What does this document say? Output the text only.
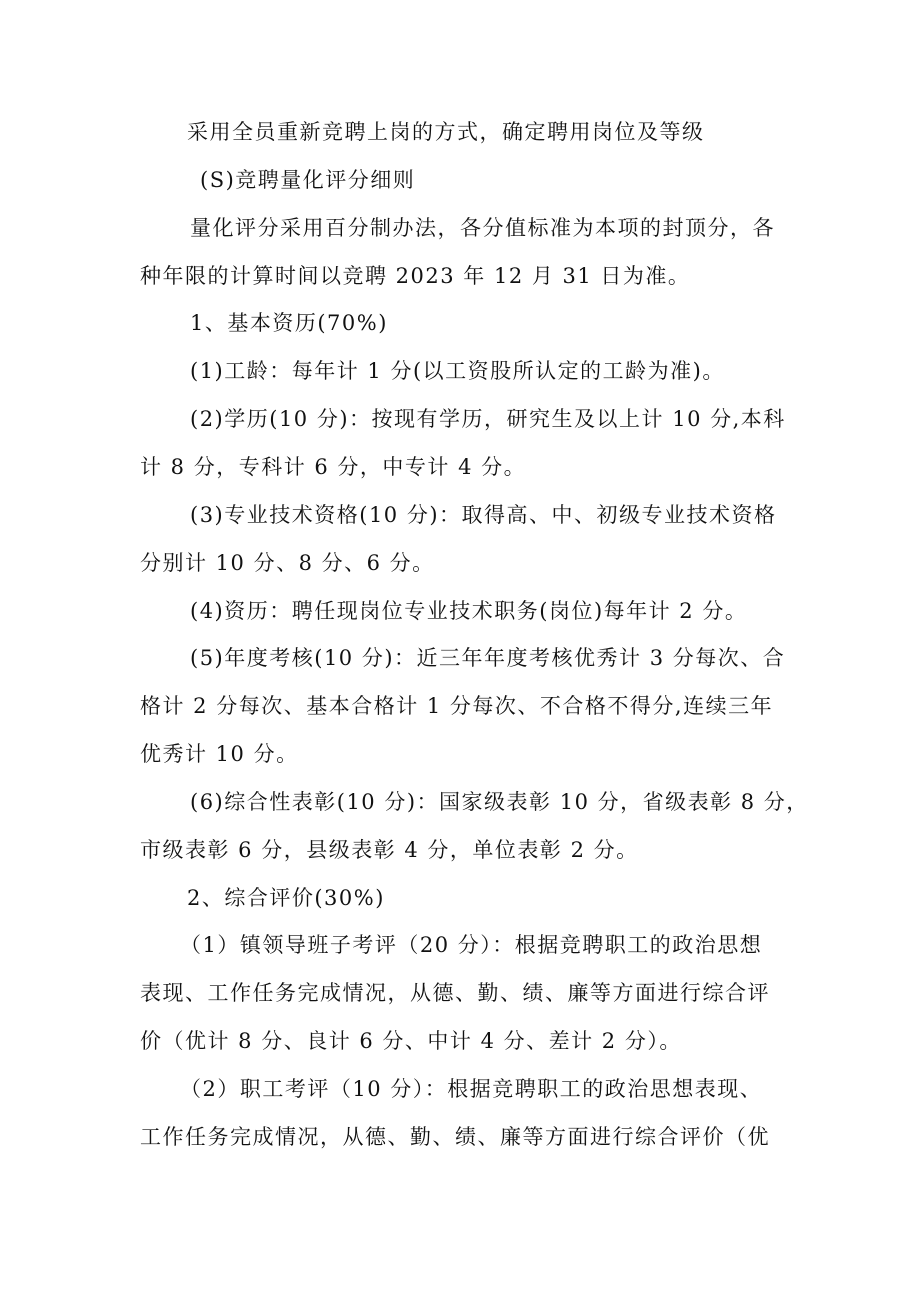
采用全员重新竞聘上岗的方式，确定聘用岗位及等级
(S)竞聘量化评分细则
量化评分采用百分制办法，各分值标准为本项的封顶分，各
种年限的计算时间以竞聘 2023 年 12 月 31 日为准。
1、基本资历(70%)
(1)工龄：每年计 1 分(以工资股所认定的工龄为准)。
(2)学历(10 分)：按现有学历，研究生及以上计 10 分,本科
计 8 分，专科计 6 分，中专计 4 分。
(3)专业技术资格(10 分)：取得高、中、初级专业技术资格
分别计 10 分、8 分、6 分。
(4)资历：聘任现岗位专业技术职务(岗位)每年计 2 分。
(5)年度考核(10 分)：近三年年度考核优秀计 3 分每次、合
格计 2 分每次、基本合格计 1 分每次、不合格不得分,连续三年
优秀计 10 分。
(6)综合性表彰(10 分)：国家级表彰 10 分，省级表彰 8 分，
市级表彰 6 分，县级表彰 4 分，单位表彰 2 分。
2、综合评价(30%)
（1）镇领导班子考评（20 分）：根据竞聘职工的政治思想
表现、工作任务完成情况，从德、勤、绩、廉等方面进行综合评
价（优计 8 分、良计 6 分、中计 4 分、差计 2 分）。
（2）职工考评（10 分）：根据竞聘职工的政治思想表现、
工作任务完成情况，从德、勤、绩、廉等方面进行综合评价（优
